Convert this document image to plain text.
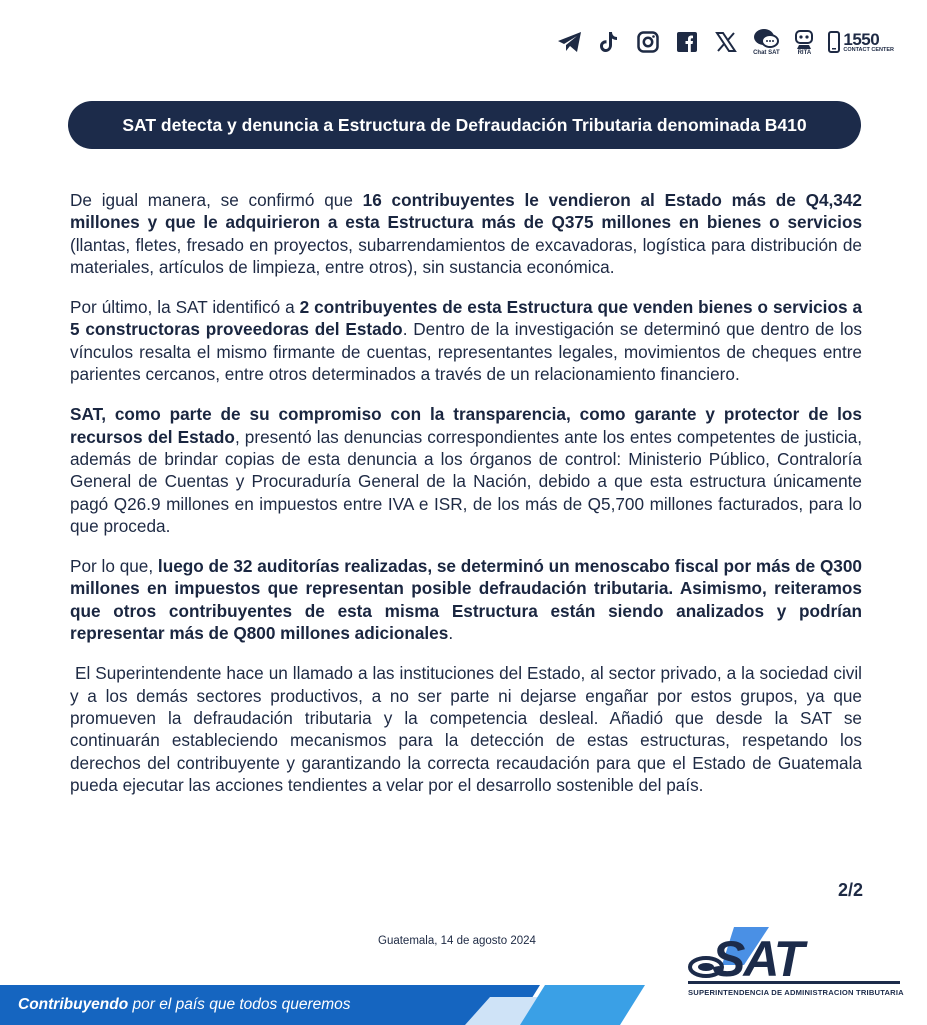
Chat SAT	RITA
1550
CONTACT CENTER
SAT detecta y denuncia a Estructura de Defraudación Tributaria denominada B410

De igual manera, se confirmó que 16 contribuyentes le vendieron al Estado más de Q4,342 millones y que le adquirieron a esta Estructura más de Q375 millones en bienes o servicios (llantas, fletes, fresado en proyectos, subarrendamientos de excavadoras, logística para distribución de materiales, artículos de limpieza, entre otros), sin sustancia económica.

Por último, la SAT identificó a 2 contribuyentes de esta Estructura que venden bienes o servicios a 5 constructoras proveedoras del Estado. Dentro de la investigación se determinó que dentro de los vínculos resalta el mismo firmante de cuentas, representantes legales, movimientos de cheques entre parientes cercanos, entre otros determinados a través de un relacionamiento financiero.

SAT, como parte de su compromiso con la transparencia, como garante y protector de los recursos del Estado, presentó las denuncias correspondientes ante los entes competentes de justicia, además de brindar copias de esta denuncia a los órganos de control: Ministerio Público, Contraloría General de Cuentas y Procuraduría General de la Nación, debido a que esta estructura únicamente pagó Q26.9 millones en impuestos entre IVA e ISR, de los más de Q5,700 millones facturados, para lo que proceda.

Por lo que, luego de 32 auditorías realizadas, se determinó un menoscabo fiscal por más de Q300 millones en impuestos que representan posible defraudación tributaria. Asimismo, reiteramos que otros contribuyentes de esta misma Estructura están siendo analizados y podrían representar más de Q800 millones adicionales.

El Superintendente hace un llamado a las instituciones del Estado, al sector privado, a la sociedad civil y a los demás sectores productivos, a no ser parte ni dejarse engañar por estos grupos, ya que promueven la defraudación tributaria y la competencia desleal. Añadió que desde la SAT se continuarán estableciendo mecanismos para la detección de estas estructuras, respetando los derechos del contribuyente y garantizando la correcta recaudación para que el Estado de Guatemala pueda ejecutar las acciones tendientes a velar por el desarrollo sostenible del país.

2/2
Guatemala, 14 de agosto 2024
Contribuyendo por el país que todos queremos
SAT
SUPERINTENDENCIA DE ADMINISTRACION TRIBUTARIA
